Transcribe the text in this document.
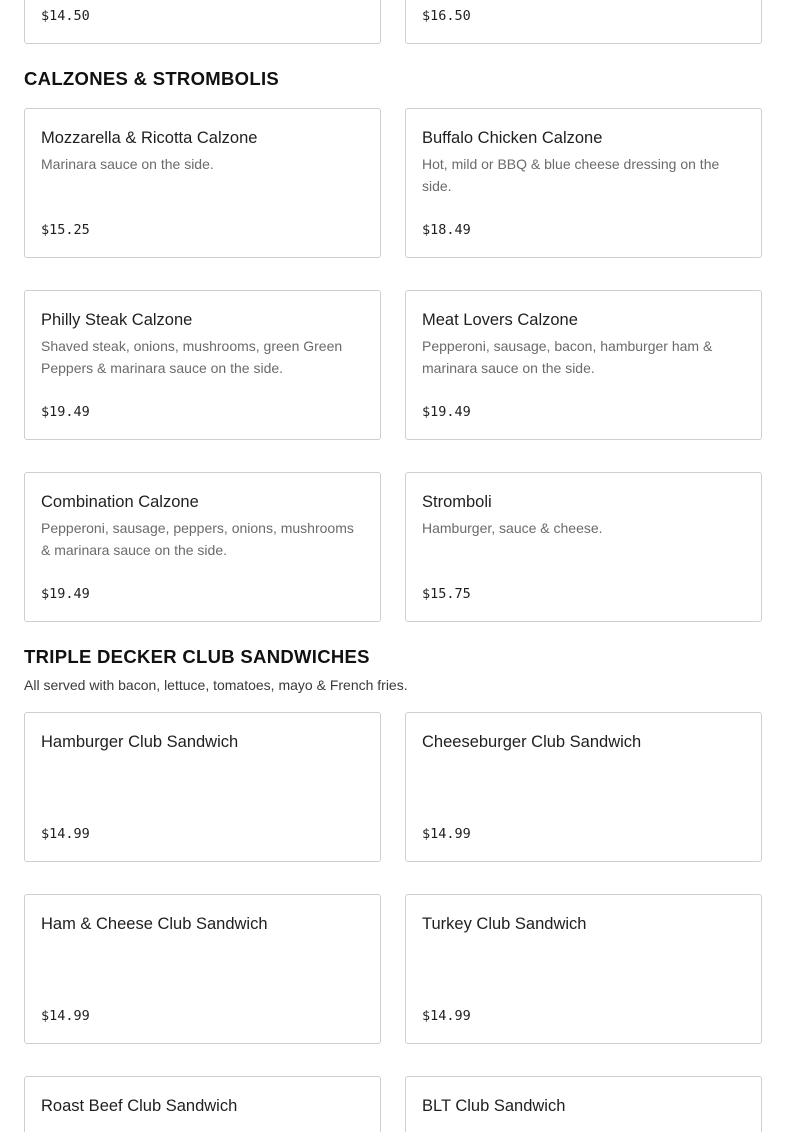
$14.50	$16.50
CALZONES & STROMBOLIS
Mozzarella & Ricotta Calzone
Marinara sauce on the side.
$15.25
Buffalo Chicken Calzone
Hot, mild or BBQ & blue cheese dressing on the side.
$18.49
Philly Steak Calzone
Shaved steak, onions, mushrooms, green Green Peppers & marinara sauce on the side.
$19.49
Meat Lovers Calzone
Pepperoni, sausage, bacon, hamburger ham & marinara sauce on the side.
$19.49
Combination Calzone
Pepperoni, sausage, peppers, onions, mushrooms & marinara sauce on the side.
$19.49
Stromboli
Hamburger, sauce & cheese.
$15.75
TRIPLE DECKER CLUB SANDWICHES
All served with bacon, lettuce, tomatoes, mayo & French fries.
Hamburger Club Sandwich
$14.99
Cheeseburger Club Sandwich
$14.99
Ham & Cheese Club Sandwich
$14.99
Turkey Club Sandwich
$14.99
Roast Beef Club Sandwich	BLT Club Sandwich
